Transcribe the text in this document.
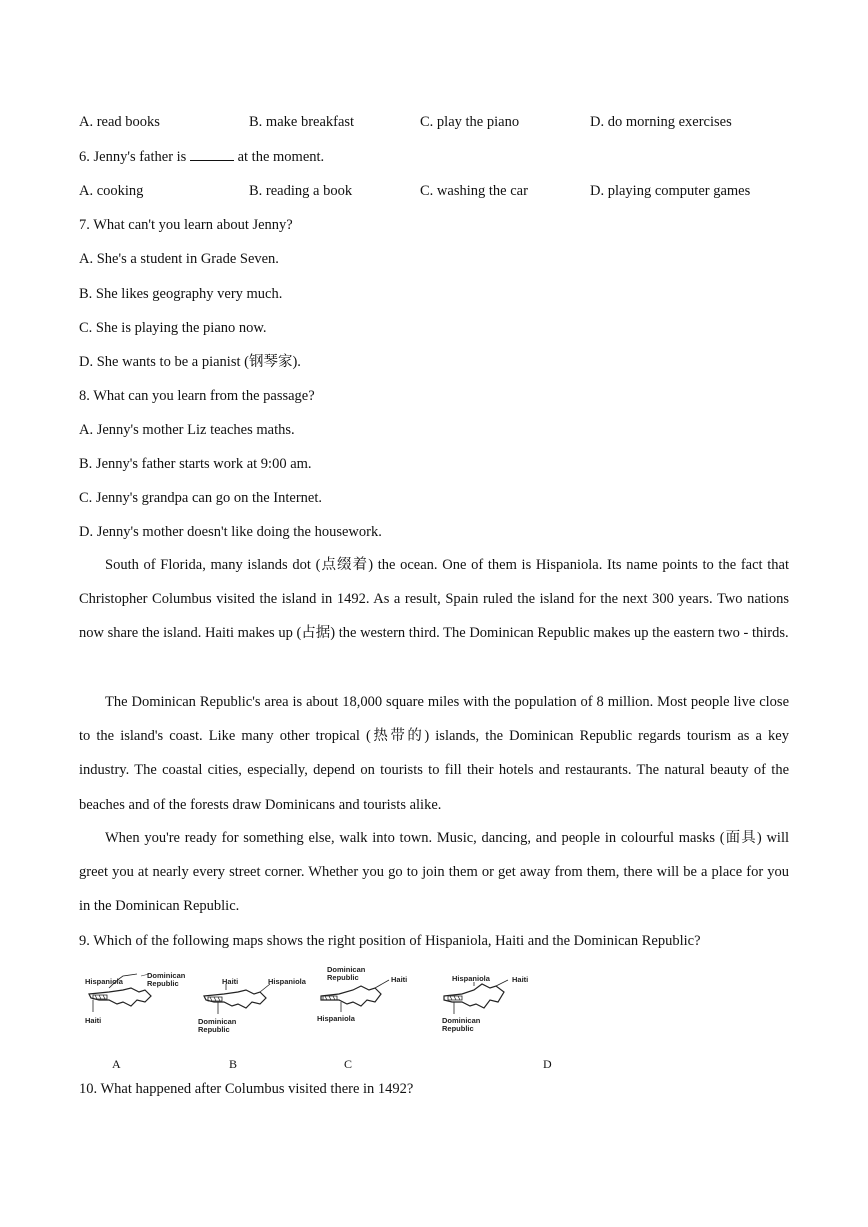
A. read books	B. make breakfast	C. play the piano	D. do morning exercises
6. Jenny's father is	at the moment.
A. cooking	B. reading a book	C. washing the car	D. playing computer games
7. What can't you learn about Jenny?
A. She's a student in Grade Seven.
B. She likes geography very much.
C. She is playing the piano now.
D. She wants to be a pianist (钢琴家).
8. What can you learn from the passage?
A. Jenny's mother Liz teaches maths.
B. Jenny's father starts work at 9:00 am.
C. Jenny's grandpa can go on the Internet.
D. Jenny's mother doesn't like doing the housework.

South of Florida, many islands dot (点缀着) the ocean. One of them is Hispaniola. Its name points to the fact that Christopher Columbus visited the island in 1492. As a result, Spain ruled the island for the next 300 years. Two nations now share the island. Haiti makes up (占据) the western third. The Dominican Republic makes up the eastern two - thirds.

The Dominican Republic's area is about 18,000 square miles with the population of 8 million. Most people live close to the island's coast. Like many other tropical (热带的) islands, the Dominican Republic regards tourism as a key industry. The coastal cities, especially, depend on tourists to fill their hotels and restaurants. The natural beauty of the beaches and of the forests draw Dominicans and tourists alike.

When you're ready for something else, walk into town. Music, dancing, and people in colourful masks (面具) will greet you at nearly every street corner. Whether you go to join them or get away from them, there will be a place for you in the Dominican Republic.

9. Which of the following maps shows the right position of Hispaniola, Haiti and the Dominican Republic?
Hispaniola
Dominican Republic
Haiti
A
Haiti	Hispaniola
Dominican Republic
B
Dominican Republic	Haiti
Hispaniola
C
Hispaniola	Haiti
Dominican Republic
D
10. What happened after Columbus visited there in 1492?
